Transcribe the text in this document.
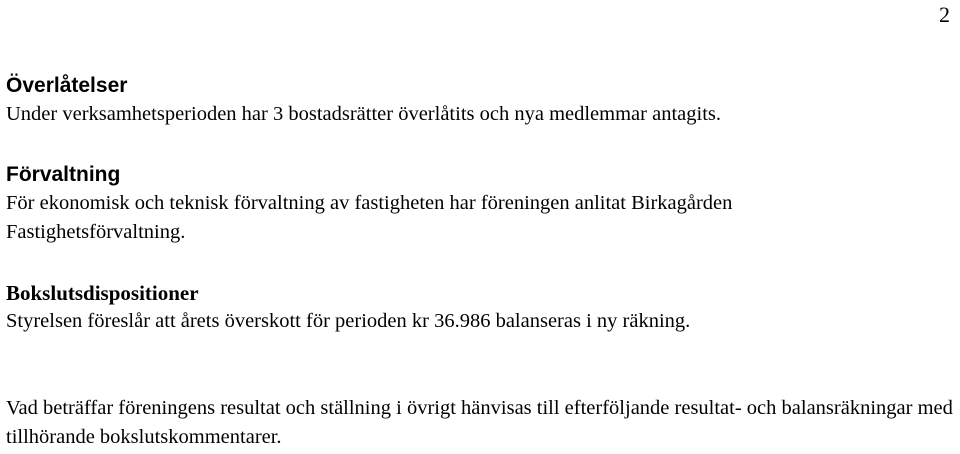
2
Överlåtelser

Under verksamhetsperioden har 3 bostadsrätter överlåtits och nya medlemmar antagits.

Förvaltning

För ekonomisk och teknisk förvaltning av fastigheten har föreningen anlitat Birkagården Fastighetsförvaltning.

Bokslutsdispositioner

Styrelsen föreslår att årets överskott för perioden kr 36.986 balanseras i ny räkning.

Vad beträffar föreningens resultat och ställning i övrigt hänvisas till efterföljande resultat- och balansräkningar med tillhörande bokslutskommentarer.
